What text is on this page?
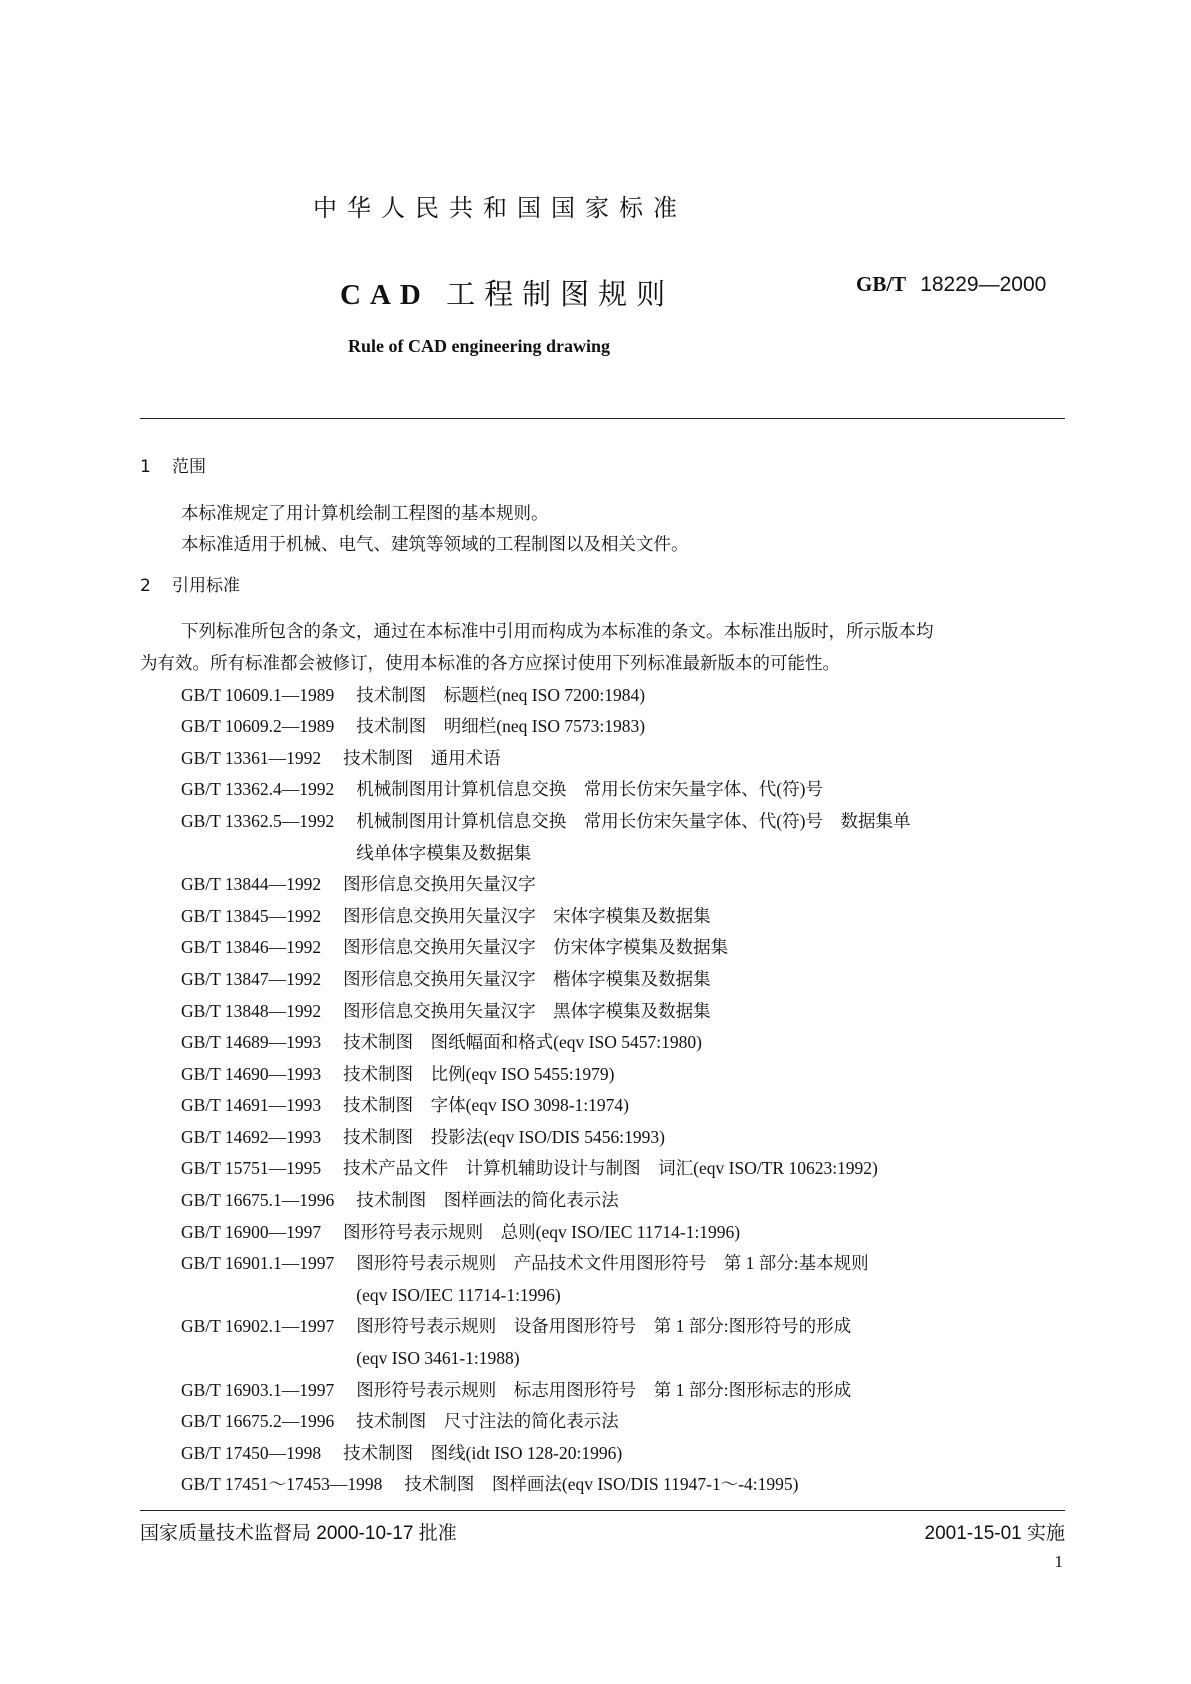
中华人民共和国国家标准
CAD 工程制图规则	GB/T 18229—2000
Rule of CAD engineering drawing
1 范围
本标准规定了用计算机绘制工程图的基本规则。
本标准适用于机械、电气、建筑等领域的工程制图以及相关文件。
2 引用标准
下列标准所包含的条文，通过在本标准中引用而构成为本标准的条文。本标准出版时，所示版本均
为有效。所有标准都会被修订，使用本标准的各方应探讨使用下列标准最新版本的可能性。
GB/T 10609.1—1989 技术制图　标题栏(neq ISO 7200:1984)
GB/T 10609.2—1989 技术制图　明细栏(neq ISO 7573:1983)
GB/T 13361—1992 技术制图　通用术语
GB/T 13362.4—1992 机械制图用计算机信息交换　常用长仿宋矢量字体、代(符)号
GB/T 13362.5—1992 机械制图用计算机信息交换　常用长仿宋矢量字体、代(符)号　数据集单
线单体字模集及数据集
GB/T 13844—1992 图形信息交换用矢量汉字
GB/T 13845—1992 图形信息交换用矢量汉字　宋体字模集及数据集
GB/T 13846—1992 图形信息交换用矢量汉字　仿宋体字模集及数据集
GB/T 13847—1992 图形信息交换用矢量汉字　楷体字模集及数据集
GB/T 13848—1992 图形信息交换用矢量汉字　黑体字模集及数据集
GB/T 14689—1993 技术制图　图纸幅面和格式(eqv ISO 5457:1980)
GB/T 14690—1993 技术制图　比例(eqv ISO 5455:1979)
GB/T 14691—1993 技术制图　字体(eqv ISO 3098-1:1974)
GB/T 14692—1993 技术制图　投影法(eqv ISO/DIS 5456:1993)
GB/T 15751—1995 技术产品文件　计算机辅助设计与制图　词汇(eqv ISO/TR 10623:1992)
GB/T 16675.1—1996 技术制图　图样画法的简化表示法
GB/T 16900—1997 图形符号表示规则　总则(eqv ISO/IEC 11714-1:1996)
GB/T 16901.1—1997 图形符号表示规则　产品技术文件用图形符号　第 1 部分:基本规则
(eqv ISO/IEC 11714-1:1996)
GB/T 16902.1—1997 图形符号表示规则　设备用图形符号　第 1 部分:图形符号的形成
(eqv ISO 3461-1:1988)
GB/T 16903.1—1997 图形符号表示规则　标志用图形符号　第 1 部分:图形标志的形成
GB/T 16675.2—1996 技术制图　尺寸注法的简化表示法
GB/T 17450—1998 技术制图　图线(idt ISO 128-20:1996)
GB/T 17451～17453—1998 技术制图　图样画法(eqv ISO/DIS 11947-1～-4:1995)
国家质量技术监督局 2000-10-17 批准	2001-15-01 实施
1
